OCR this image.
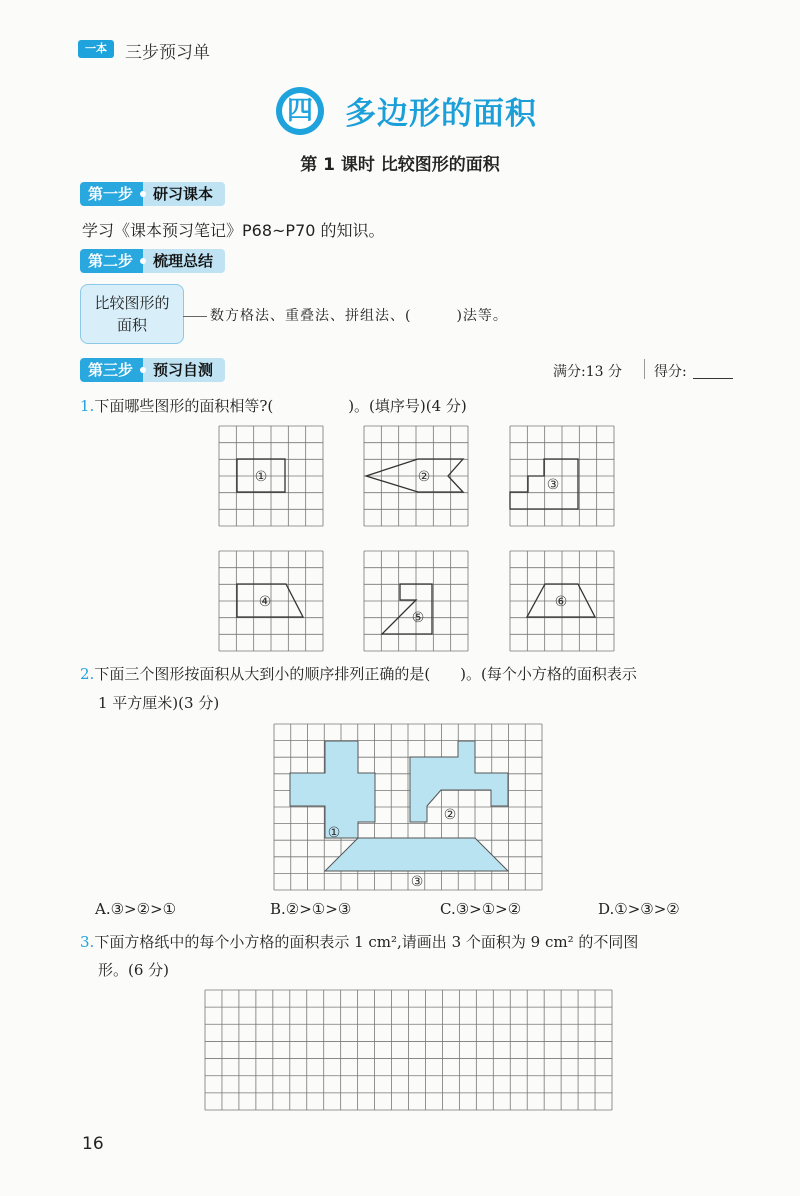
一本	三步预习单
四 多边形的面积
第 1 课时 比较图形的面积
第一步	研习课本
学习《课本预习笔记》P68~P70 的知识。
第二步	梳理总结
比较图形的
面积	数方格法、重叠法、拼组法、(　　　)法等。
第三步	预习自测	满分:13 分 得分:
1.下面哪些图形的面积相等?(　　　　　)。(填序号)(4 分)
①	②	③
④
⑤
⑥
①
②
③
2.下面三个图形按面积从大到小的顺序排列正确的是(　　)。(每个小方格的面积表示
1 平方厘米)(3 分)
A.③>②>①	B.②>①>③	C.③>①>②	D.①>③>②
3.下面方格纸中的每个小方格的面积表示 1 cm²,请画出 3 个面积为 9 cm² 的不同图
形。(6 分)
16
